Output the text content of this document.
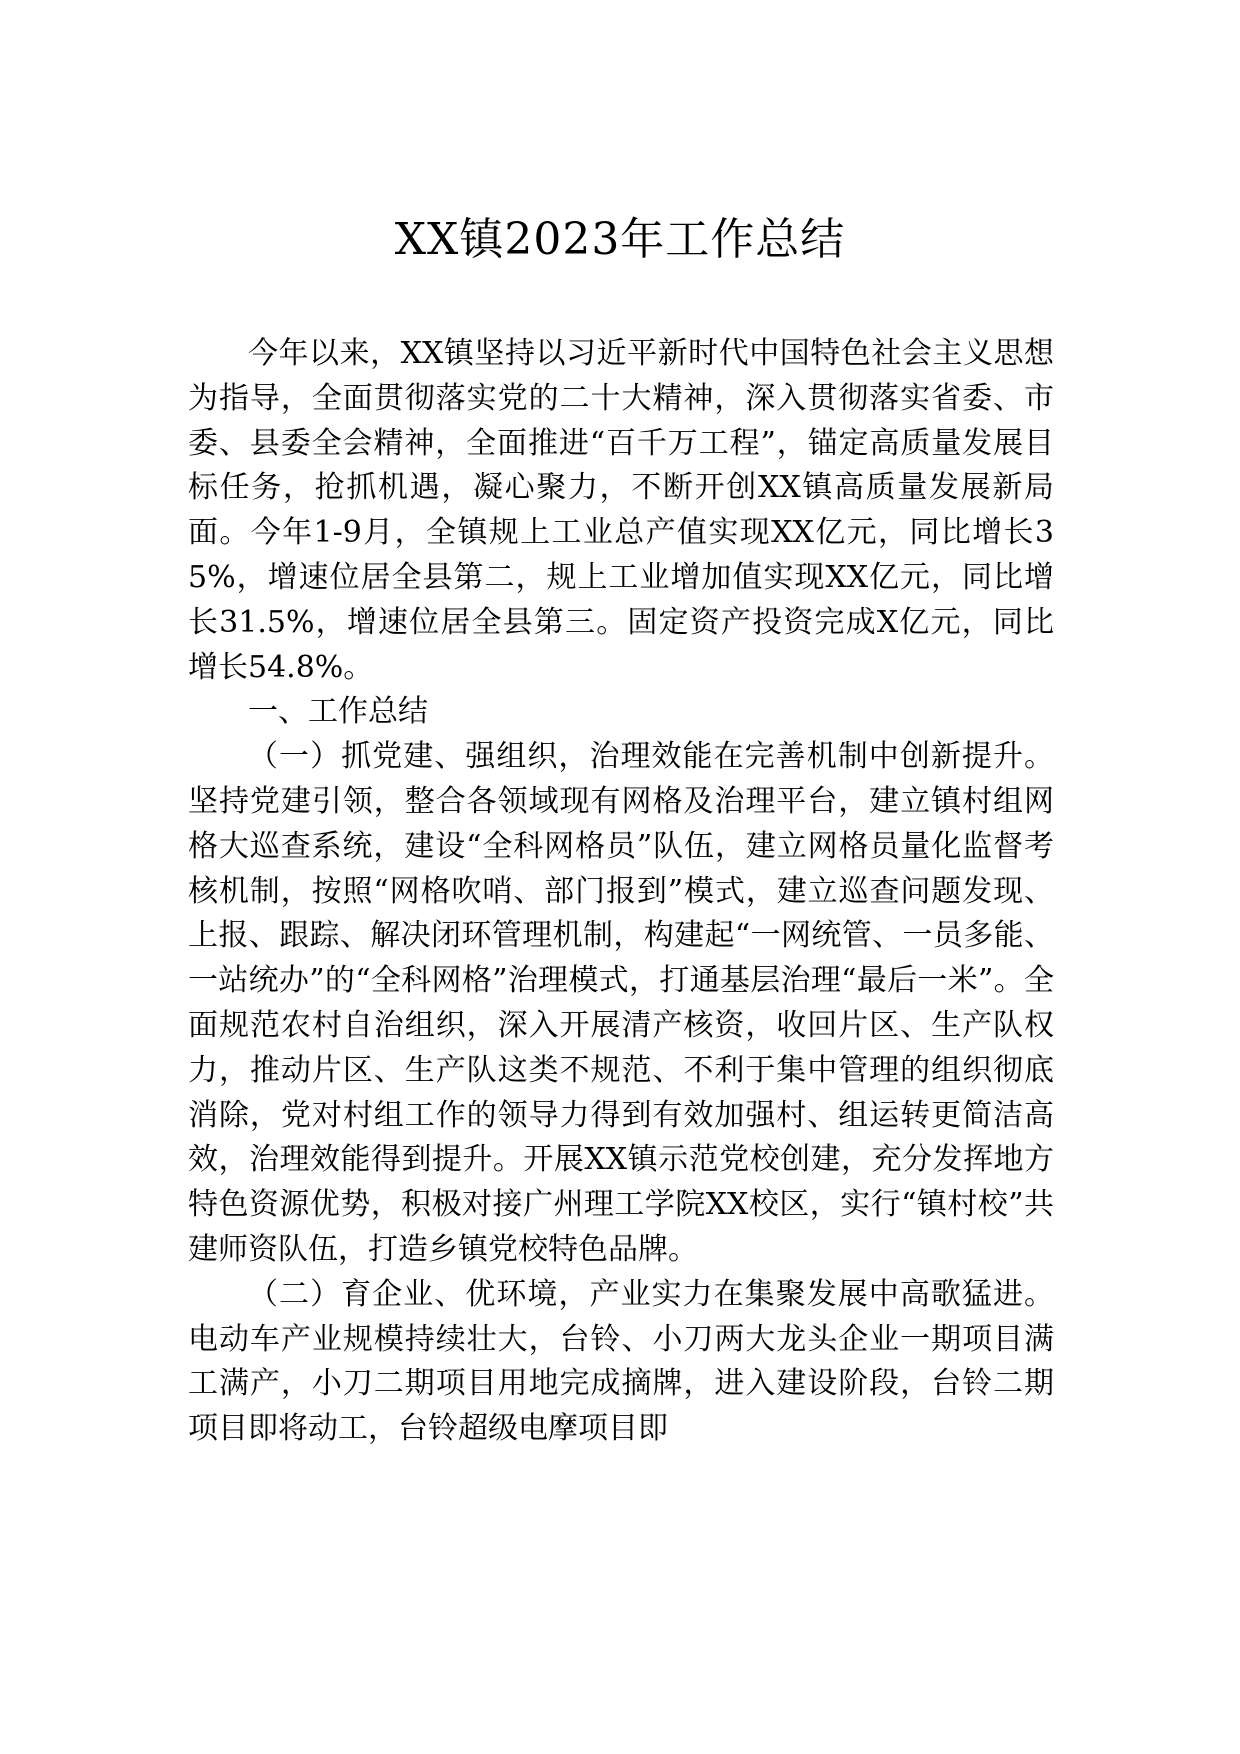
XX镇2023年工作总结

今年以来，XX镇坚持以习近平新时代中国特色社会主义思想为指导，全面贯彻落实党的二十大精神，深入贯彻落实省委、市委、县委全会精神，全面推进“百千万工程”，锚定高质量发展目标任务，抢抓机遇，凝心聚力，不断开创XX镇高质量发展新局面。今年1-9月，全镇规上工业总产值实现XX亿元，同比增长35%，增速位居全县第二，规上工业增加值实现XX亿元，同比增长31.5%，增速位居全县第三。固定资产投资完成X亿元，同比增长54.8%。

一、工作总结

（一）抓党建、强组织，治理效能在完善机制中创新提升。坚持党建引领，整合各领域现有网格及治理平台，建立镇村组网格大巡查系统，建设“全科网格员”队伍，建立网格员量化监督考核机制，按照“网格吹哨、部门报到”模式，建立巡查问题发现、上报、跟踪、解决闭环管理机制，构建起“一网统管、一员多能、一站统办”的“全科网格”治理模式，打通基层治理“最后一米”。全面规范农村自治组织，深入开展清产核资，收回片区、生产队权力，推动片区、生产队这类不规范、不利于集中管理的组织彻底消除，党对村组工作的领导力得到有效加强村、组运转更简洁高效，治理效能得到提升。开展XX镇示范党校创建，充分发挥地方特色资源优势，积极对接广州理工学院XX校区，实行“镇村校”共建师资队伍，打造乡镇党校特色品牌。

（二）育企业、优环境，产业实力在集聚发展中高歌猛进。电动车产业规模持续壮大，台铃、小刀两大龙头企业一期项目满工满产，小刀二期项目用地完成摘牌，进入建设阶段，台铃二期项目即将动工，台铃超级电摩项目即
